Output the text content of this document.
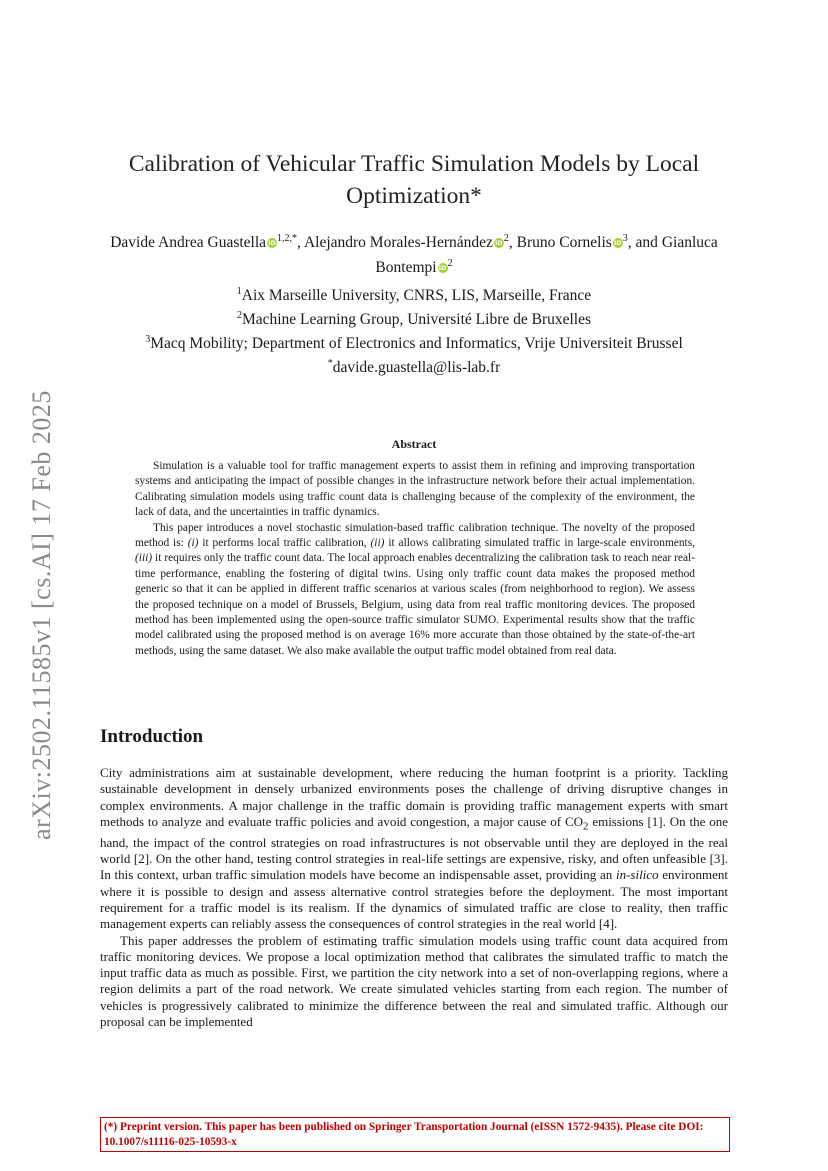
arXiv:2502.11585v1 [cs.AI] 17 Feb 2025
Calibration of Vehicular Traffic Simulation Models by Local Optimization*
Davide Andrea Guastella $iD^{1,2,*}$, Alejandro Morales-Hernández $iD^2$, Bruno Cornelis $iD^3$, and Gianluca Bontempi $iD^2$
$^1$Aix Marseille University, CNRS, LIS, Marseille, France
$^2$Machine Learning Group, Université Libre de Bruxelles
$^3$Macq Mobility; Department of Electronics and Informatics, Vrije Universiteit Brussel
*davide.guastella@lis-lab.fr
Abstract

Simulation is a valuable tool for traffic management experts to assist them in refining and improving transportation systems and anticipating the impact of possible changes in the infrastructure network before their actual implementation. Calibrating simulation models using traffic count data is challenging because of the complexity of the environment, the lack of data, and the uncertainties in traffic dynamics.

This paper introduces a novel stochastic simulation-based traffic calibration technique. The novelty of the proposed method is: (i) it performs local traffic calibration, (ii) it allows calibrating simulated traffic in large-scale environments, (iii) it requires only the traffic count data. The local approach enables decentralizing the calibration task to reach near real-time performance, enabling the fostering of digital twins. Using only traffic count data makes the proposed method generic so that it can be applied in different traffic scenarios at various scales (from neighborhood to region). We assess the proposed technique on a model of Brussels, Belgium, using data from real traffic monitoring devices. The proposed method has been implemented using the open-source traffic simulator SUMO. Experimental results show that the traffic model calibrated using the proposed method is on average 16% more accurate than those obtained by the state-of-the-art methods, using the same dataset. We also make available the output traffic model obtained from real data.

Introduction

City administrations aim at sustainable development, where reducing the human footprint is a priority. Tackling sustainable development in densely urbanized environments poses the challenge of driving disruptive changes in complex environments. A major challenge in the traffic domain is providing traffic management experts with smart methods to analyze and evaluate traffic policies and avoid congestion, a major cause of $CO_2$ emissions [1]. On the one hand, the impact of the control strategies on road infrastructures is not observable until they are deployed in the real world [2]. On the other hand, testing control strategies in real-life settings are expensive, risky, and often unfeasible [3]. In this context, urban traffic simulation models have become an indispensable asset, providing an in-silico environment where it is possible to design and assess alternative control strategies before the deployment. The most important requirement for a traffic model is its realism. If the dynamics of simulated traffic are close to reality, then traffic management experts can reliably assess the consequences of control strategies in the real world [4].

This paper addresses the problem of estimating traffic simulation models using traffic count data acquired from traffic monitoring devices. We propose a local optimization method that calibrates the simulated traffic to match the input traffic data as much as possible. First, we partition the city network into a set of non-overlapping regions, where a region delimits a part of the road network. We create simulated vehicles starting from each region. The number of vehicles is progressively calibrated to minimize the difference between the real and simulated traffic. Although our proposal can be implemented

(*) Preprint version. This paper has been published on Springer Transportation Journal (eISSN 1572-9435). Please cite DOI: 10.1007/s11116-025-10593-x
